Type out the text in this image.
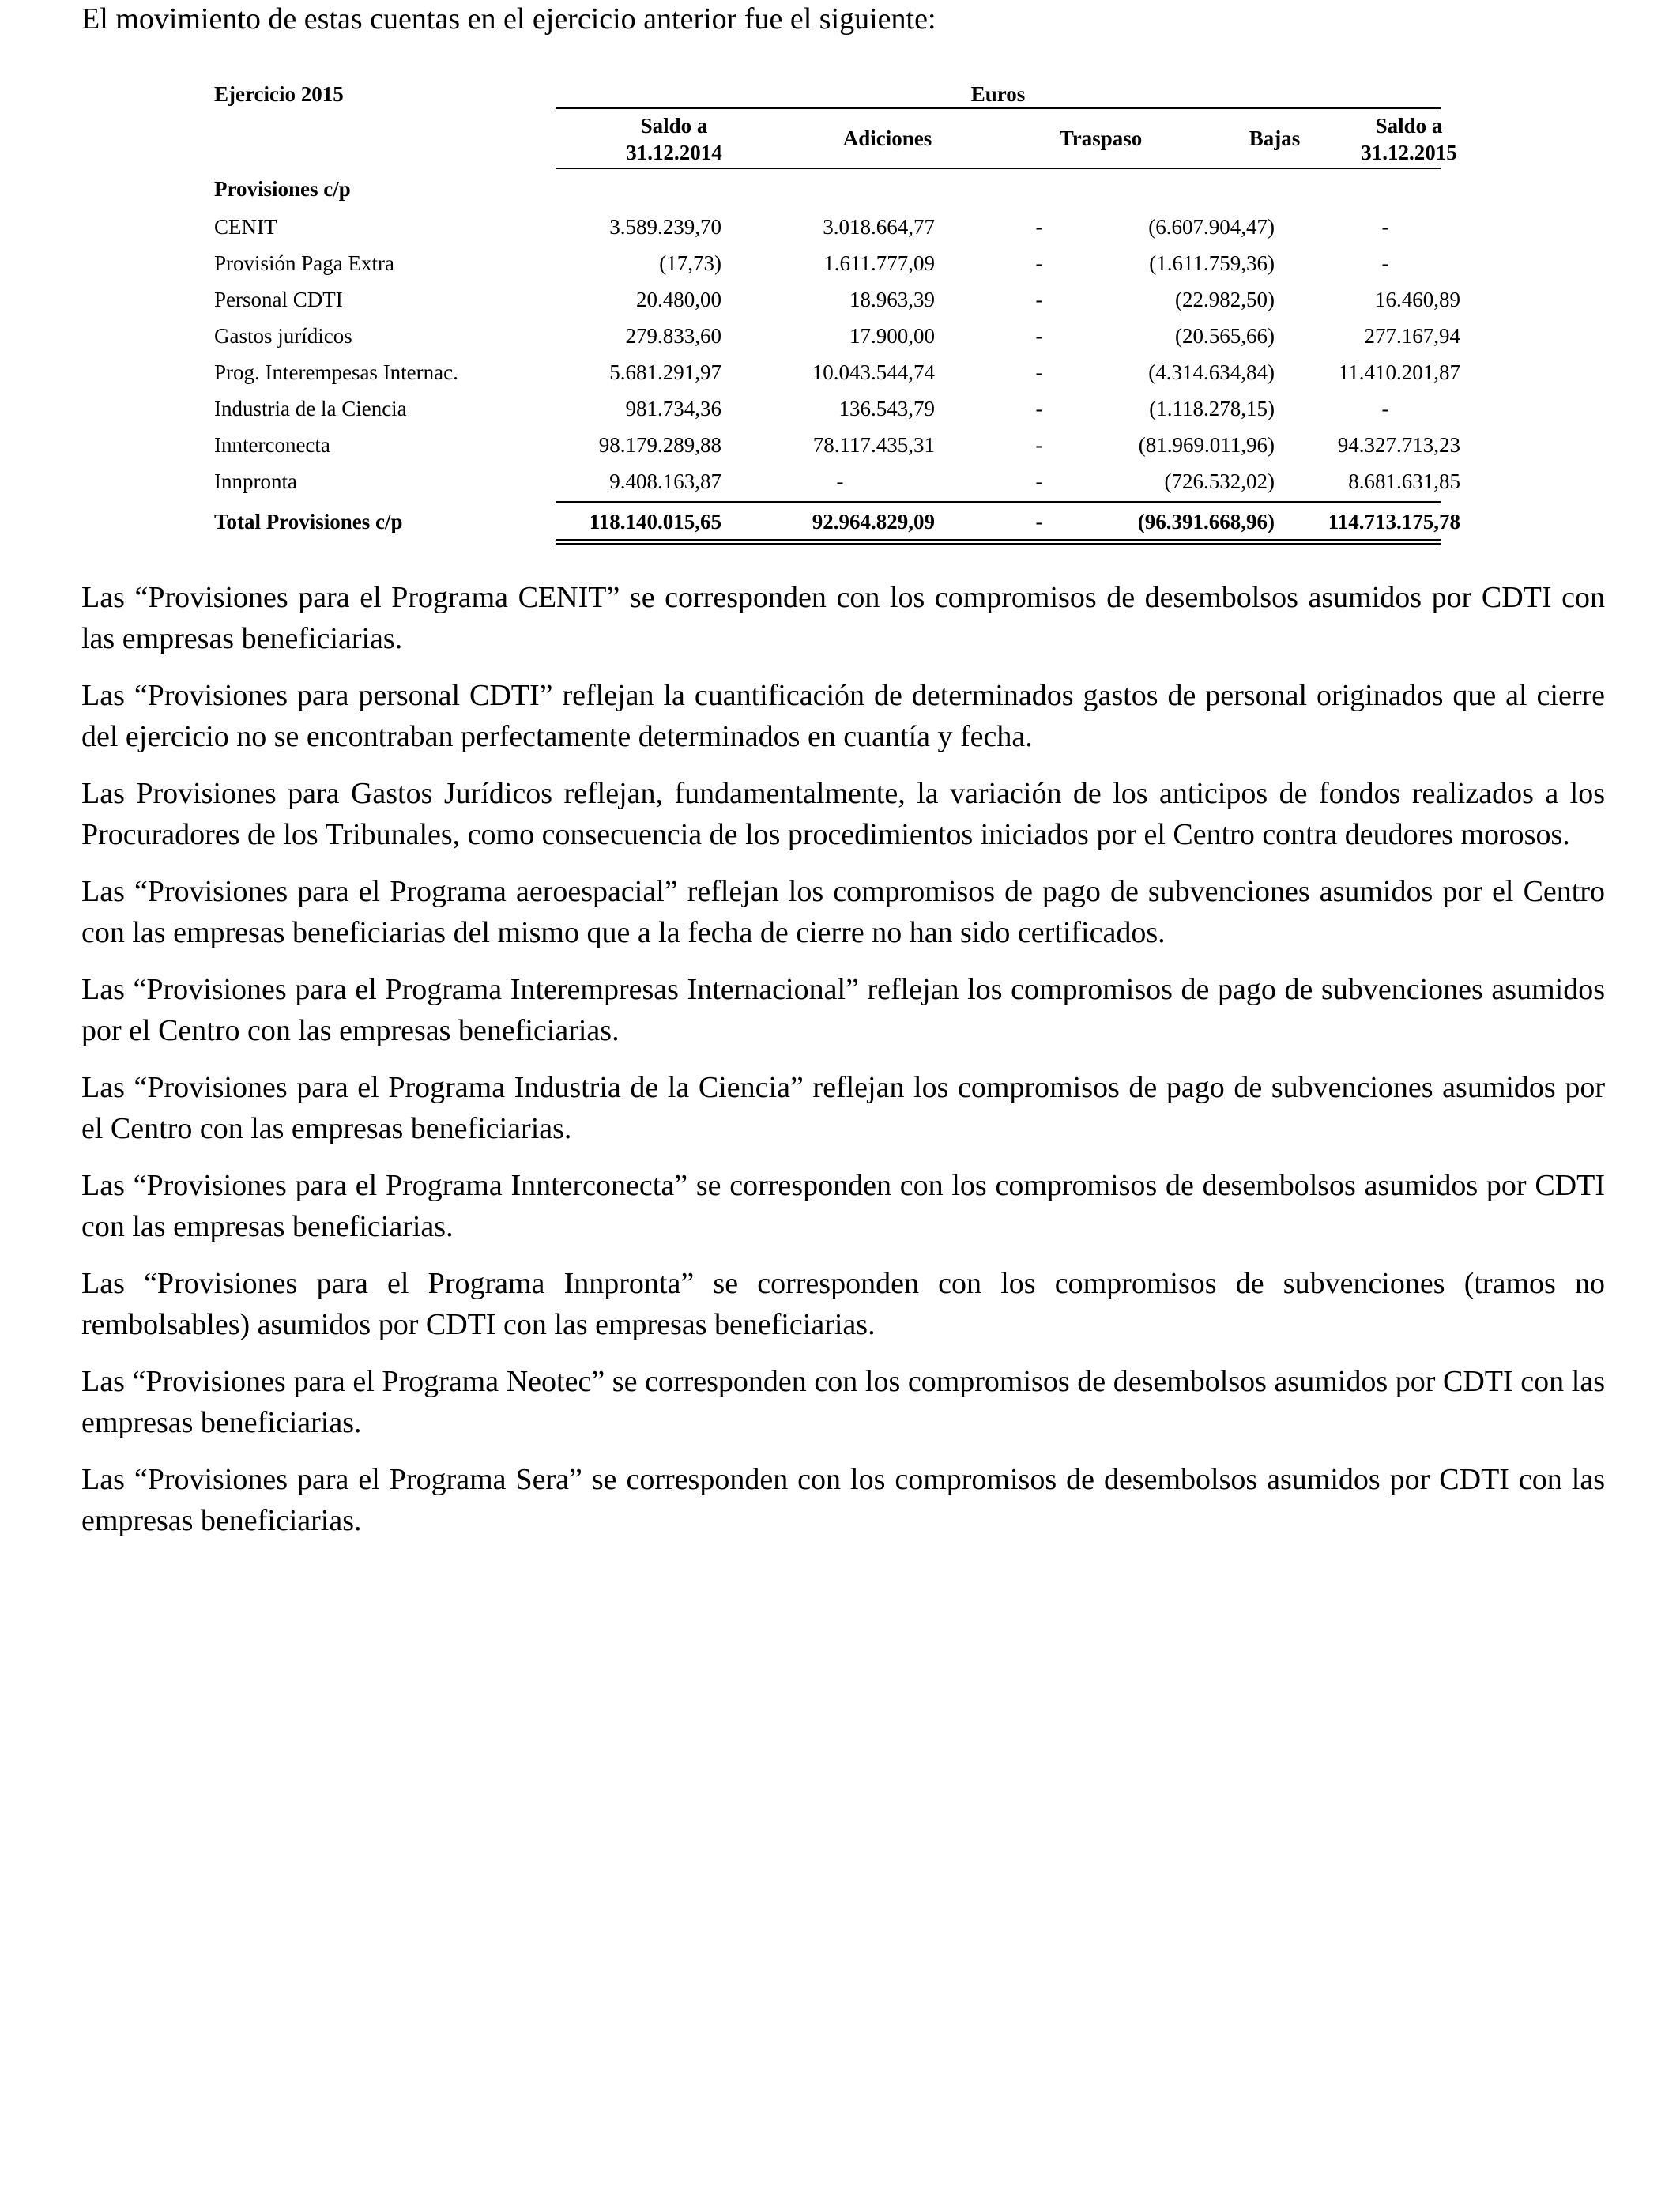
El movimiento de estas cuentas en el ejercicio anterior fue el siguiente:
Ejercicio 2015	Euros
Saldo a
31.12.2014
Adiciones	Traspaso	Bajas
Saldo a
31.12.2015
Provisiones c/p
CENIT	3.589.239,70	3.018.664,77	-	(6.607.904,47)	-
Provisión Paga Extra	(17,73)	1.611.777,09	-	(1.611.759,36)	-
Personal CDTI	20.480,00	18.963,39	-	(22.982,50)	16.460,89
Gastos jurídicos	279.833,60	17.900,00	-	(20.565,66)	277.167,94
Prog. Interempesas Internac.	5.681.291,97	10.043.544,74	-	(4.314.634,84)	11.410.201,87
Industria de la Ciencia	981.734,36	136.543,79	-	(1.118.278,15)	-
Innterconecta	98.179.289,88	78.117.435,31	-	(81.969.011,96)	94.327.713,23
Innpronta	9.408.163,87	-	-	(726.532,02)	8.681.631,85
Total Provisiones c/p	118.140.015,65	92.964.829,09	-	(96.391.668,96)	114.713.175,78

Las “Provisiones para el Programa CENIT” se corresponden con los compromisos de desembolsos asumidos por CDTI con las empresas beneficiarias.

Las “Provisiones para personal CDTI” reflejan la cuantificación de determinados gastos de personal originados que al cierre del ejercicio no se encontraban perfectamente determinados en cuantía y fecha.

Las Provisiones para Gastos Jurídicos reflejan, fundamentalmente, la variación de los anticipos de fondos realizados a los Procuradores de los Tribunales, como consecuencia de los procedimientos iniciados por el Centro contra deudores morosos.

Las “Provisiones para el Programa aeroespacial” reflejan los compromisos de pago de subvenciones asumidos por el Centro con las empresas beneficiarias del mismo que a la fecha de cierre no han sido certificados.

Las “Provisiones para el Programa Interempresas Internacional” reflejan los compromisos de pago de subvenciones asumidos por el Centro con las empresas beneficiarias.

Las “Provisiones para el Programa Industria de la Ciencia” reflejan los compromisos de pago de subvenciones asumidos por el Centro con las empresas beneficiarias.

Las “Provisiones para el Programa Innterconecta” se corresponden con los compromisos de desembolsos asumidos por CDTI con las empresas beneficiarias.

Las “Provisiones para el Programa Innpronta” se corresponden con los compromisos de subvenciones (tramos no rembolsables) asumidos por CDTI con las empresas beneficiarias.

Las “Provisiones para el Programa Neotec” se corresponden con los compromisos de desembolsos asumidos por CDTI con las empresas beneficiarias.

Las “Provisiones para el Programa Sera” se corresponden con los compromisos de desembolsos asumidos por CDTI con las empresas beneficiarias.
